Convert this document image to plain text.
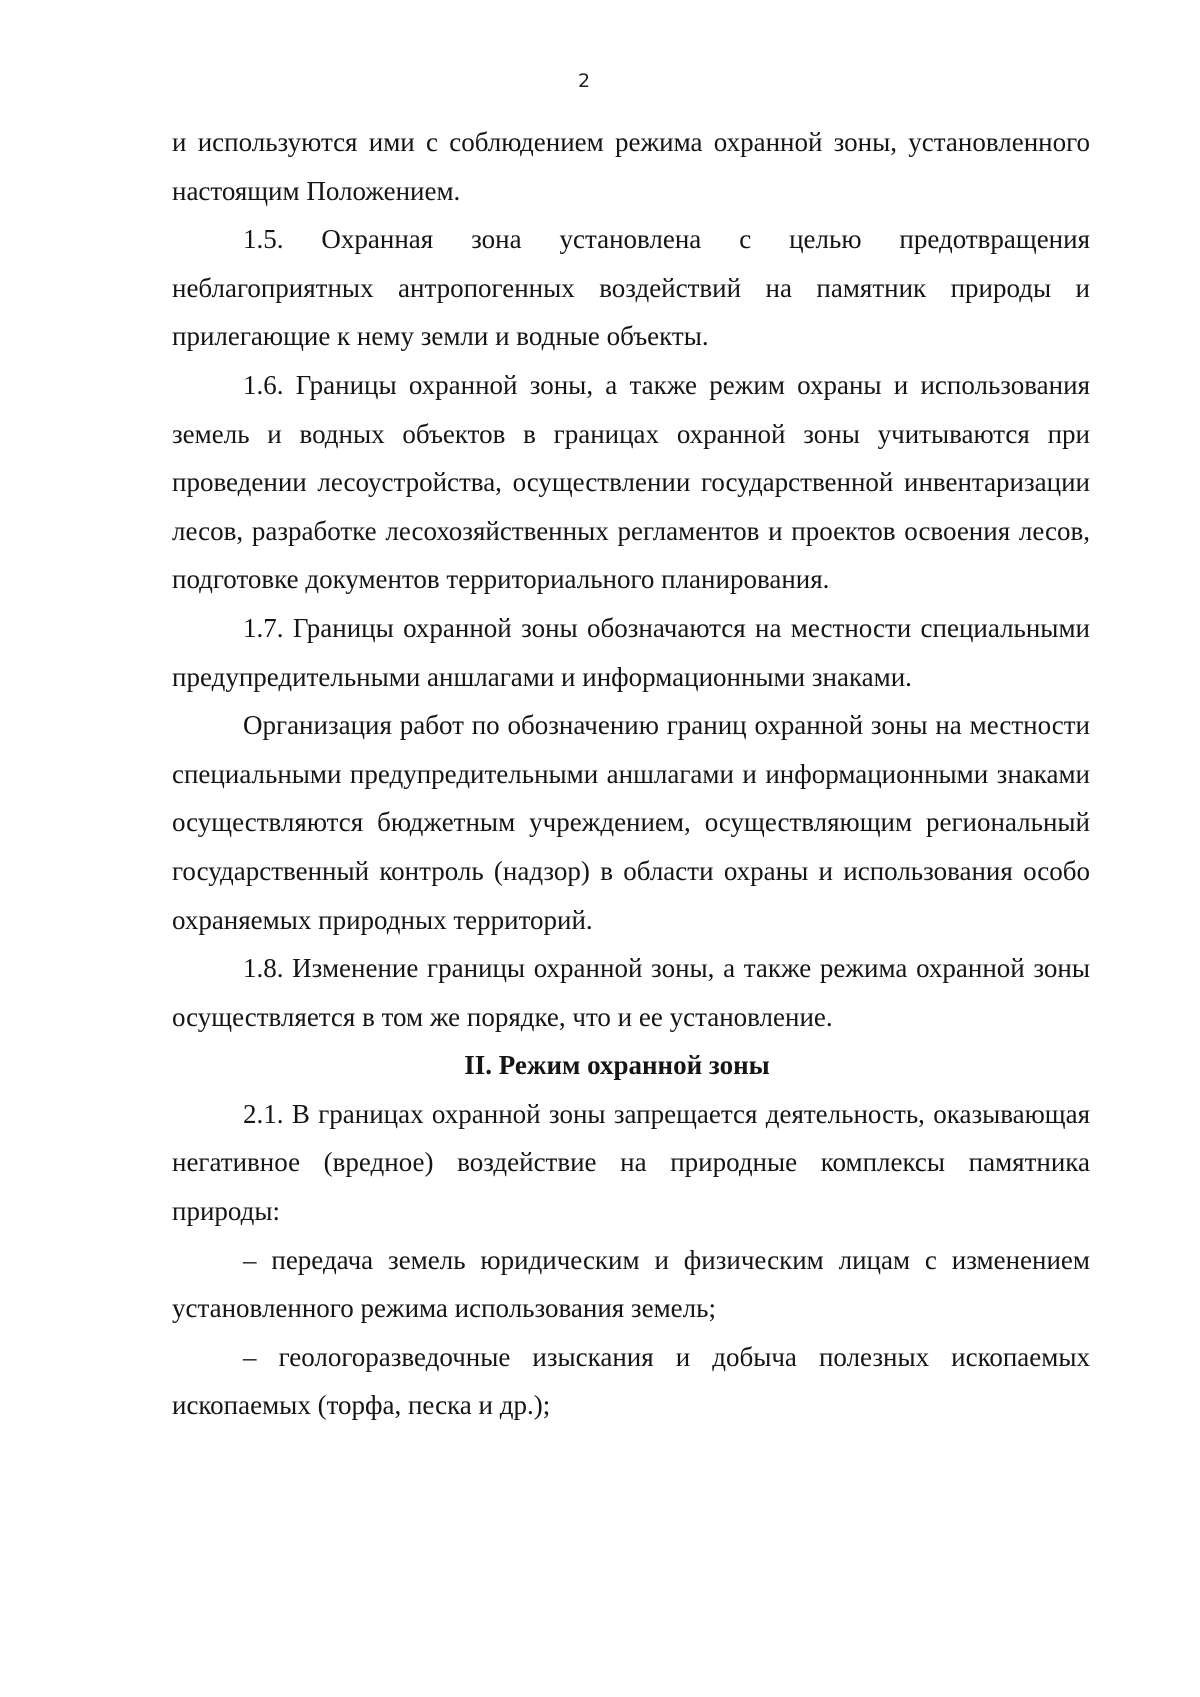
2

и используются ими с соблюдением режима охранной зоны, установленного настоящим Положением.

1.5. Охранная зона установлена с целью предотвращения неблагоприятных антропогенных воздействий на памятник природы и прилегающие к нему земли и водные объекты.

1.6. Границы охранной зоны, а также режим охраны и использования земель и водных объектов в границах охранной зоны учитываются при проведении лесоустройства, осуществлении государственной инвентаризации лесов, разработке лесохозяйственных регламентов и проектов освоения лесов, подготовке документов территориального планирования.

1.7. Границы охранной зоны обозначаются на местности специальными предупредительными аншлагами и информационными знаками.

Организация работ по обозначению границ охранной зоны на местности специальными предупредительными аншлагами и информационными знаками осуществляются бюджетным учреждением, осуществляющим региональный государственный контроль (надзор) в области охраны и использования особо охраняемых природных территорий.

1.8. Изменение границы охранной зоны, а также режима охранной зоны осуществляется в том же порядке, что и ее установление.

II. Режим охранной зоны

2.1. В границах охранной зоны запрещается деятельность, оказывающая негативное (вредное) воздействие на природные комплексы памятника природы:

– передача земель юридическим и физическим лицам с изменением установленного режима использования земель;

– геологоразведочные изыскания и добыча полезных ископаемых ископаемых (торфа, песка и др.);
